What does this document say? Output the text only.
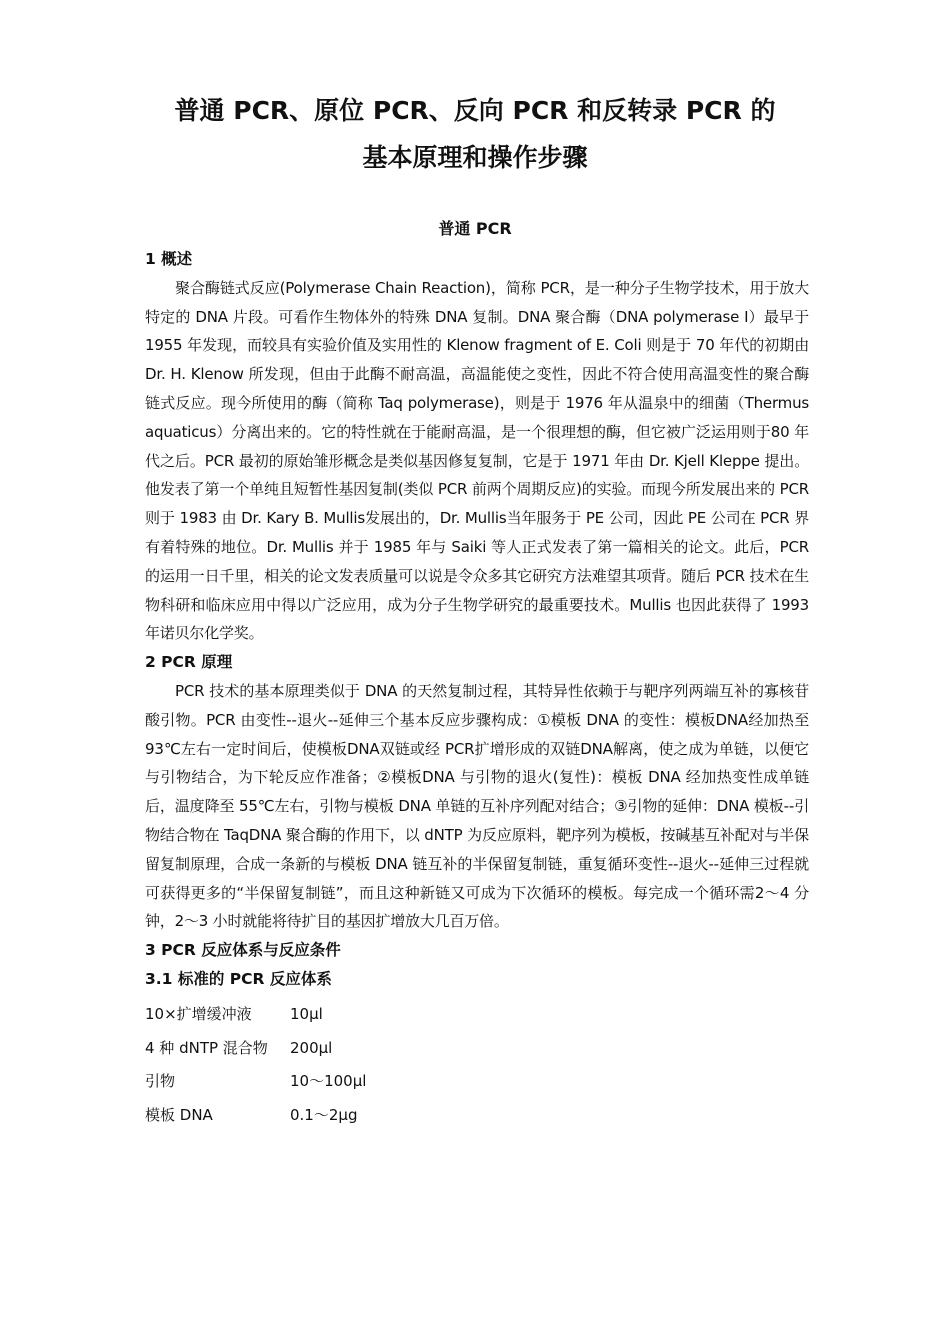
普通 PCR、原位 PCR、反向 PCR 和反转录 PCR 的
基本原理和操作步骤
普通 PCR
1 概述

聚合酶链式反应(Polymerase Chain Reaction)，简称 PCR，是一种分子生物学技术，用于放大特定的 DNA 片段。可看作生物体外的特殊 DNA 复制。DNA 聚合酶（DNA polymerase I）最早于 1955 年发现，而较具有实验价值及实用性的 Klenow fragment of E. Coli 则是于 70 年代的初期由 Dr. H. Klenow 所发现，但由于此酶不耐高温，高温能使之变性，因此不符合使用高温变性的聚合酶链式反应。现今所使用的酶（简称 Taq polymerase)，则是于 1976 年从温泉中的细菌（Thermus aquaticus）分离出来的。它的特性就在于能耐高温，是一个很理想的酶，但它被广泛运用则于80 年代之后。PCR 最初的原始雏形概念是类似基因修复复制，它是于 1971 年由 Dr. Kjell Kleppe 提出。他发表了第一个单纯且短暂性基因复制(类似 PCR 前两个周期反应)的实验。而现今所发展出来的 PCR 则于 1983 由 Dr. Kary B. Mullis发展出的，Dr. Mullis当年服务于 PE 公司，因此 PE 公司在 PCR 界有着特殊的地位。Dr. Mullis 并于 1985 年与 Saiki 等人正式发表了第一篇相关的论文。此后，PCR 的运用一日千里，相关的论文发表质量可以说是令众多其它研究方法难望其项背。随后 PCR 技术在生物科研和临床应用中得以广泛应用，成为分子生物学研究的最重要技术。Mullis 也因此获得了 1993 年诺贝尔化学奖。

2 PCR 原理

PCR 技术的基本原理类似于 DNA 的天然复制过程，其特异性依赖于与靶序列两端互补的寡核苷酸引物。PCR 由变性--退火--延伸三个基本反应步骤构成：①模板 DNA 的变性：模板DNA经加热至 93℃左右一定时间后，使模板DNA双链或经 PCR扩增形成的双链DNA解离，使之成为单链，以便它与引物结合，为下轮反应作准备；②模板DNA 与引物的退火(复性)：模板 DNA 经加热变性成单链后，温度降至 55℃左右，引物与模板 DNA 单链的互补序列配对结合；③引物的延伸：DNA 模板--引物结合物在 TaqDNA 聚合酶的作用下，以 dNTP 为反应原料，靶序列为模板，按碱基互补配对与半保留复制原理，合成一条新的与模板 DNA 链互补的半保留复制链，重复循环变性--退火--延伸三过程就可获得更多的“半保留复制链”，而且这种新链又可成为下次循环的模板。每完成一个循环需2～4 分钟，2～3 小时就能将待扩目的基因扩增放大几百万倍。

3 PCR 反应体系与反应条件
3.1 标准的 PCR 反应体系
10×扩增缓冲液	10μl
4 种 dNTP 混合物	200μl
引物	10～100μl
模板 DNA	0.1～2μg
